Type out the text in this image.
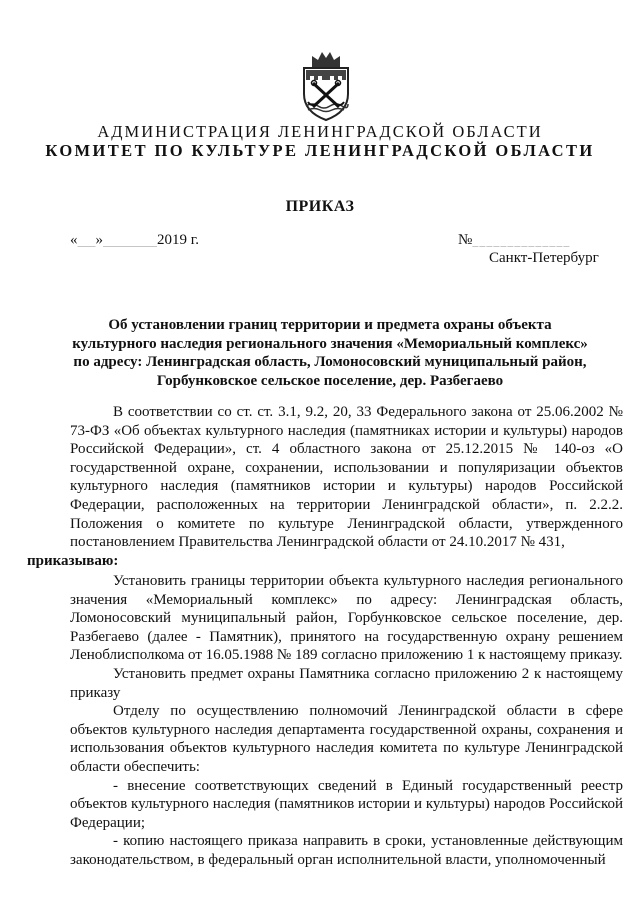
АДМИНИСТРАЦИЯ ЛЕНИНГРАДСКОЙ ОБЛАСТИ
КОМИТЕТ ПО КУЛЬТУРЕ ЛЕНИНГРАДСКОЙ ОБЛАСТИ
ПРИКАЗ
«___»_________2019 г.	№______________
Санкт-Петербург
Об установлении границ территории и предмета охраны объекта культурного наследия регионального значения «Мемориальный комплекс» по адресу: Ленинградская область, Ломоносовский муниципальный район, Горбунковское сельское поселение, дер. Разбегаево

В соответствии со ст. ст. 3.1, 9.2, 20, 33 Федерального закона от 25.06.2002 № 73-ФЗ «Об объектах культурного наследия (памятниках истории и культуры) народов Российской Федерации», ст. 4 областного закона от 25.12.2015 № 140-оз «О государственной охране, сохранении, использовании и популяризации объектов культурного наследия (памятников истории и культуры) народов Российской Федерации, расположенных на территории Ленинградской области», п. 2.2.2. Положения о комитете по культуре Ленинградской области, утвержденного постановлением Правительства Ленинградской области от 24.10.2017 № 431,
приказываю:

Установить границы территории объекта культурного наследия регионального значения «Мемориальный комплекс» по адресу: Ленинградская область, Ломоносовский муниципальный район, Горбунковское сельское поселение, дер. Разбегаево (далее - Памятник), принятого на государственную охрану решением Леноблисполкома от 16.05.1988 № 189 согласно приложению 1 к настоящему приказу.

Установить предмет охраны Памятника согласно приложению 2 к настоящему приказу

Отделу по осуществлению полномочий Ленинградской области в сфере объектов культурного наследия департамента государственной охраны, сохранения и использования объектов культурного наследия комитета по культуре Ленинградской области обеспечить:

- внесение соответствующих сведений в Единый государственный реестр объектов культурного наследия (памятников истории и культуры) народов Российской Федерации;

- копию настоящего приказа направить в сроки, установленные действующим законодательством, в федеральный орган исполнительной власти, уполномоченный
